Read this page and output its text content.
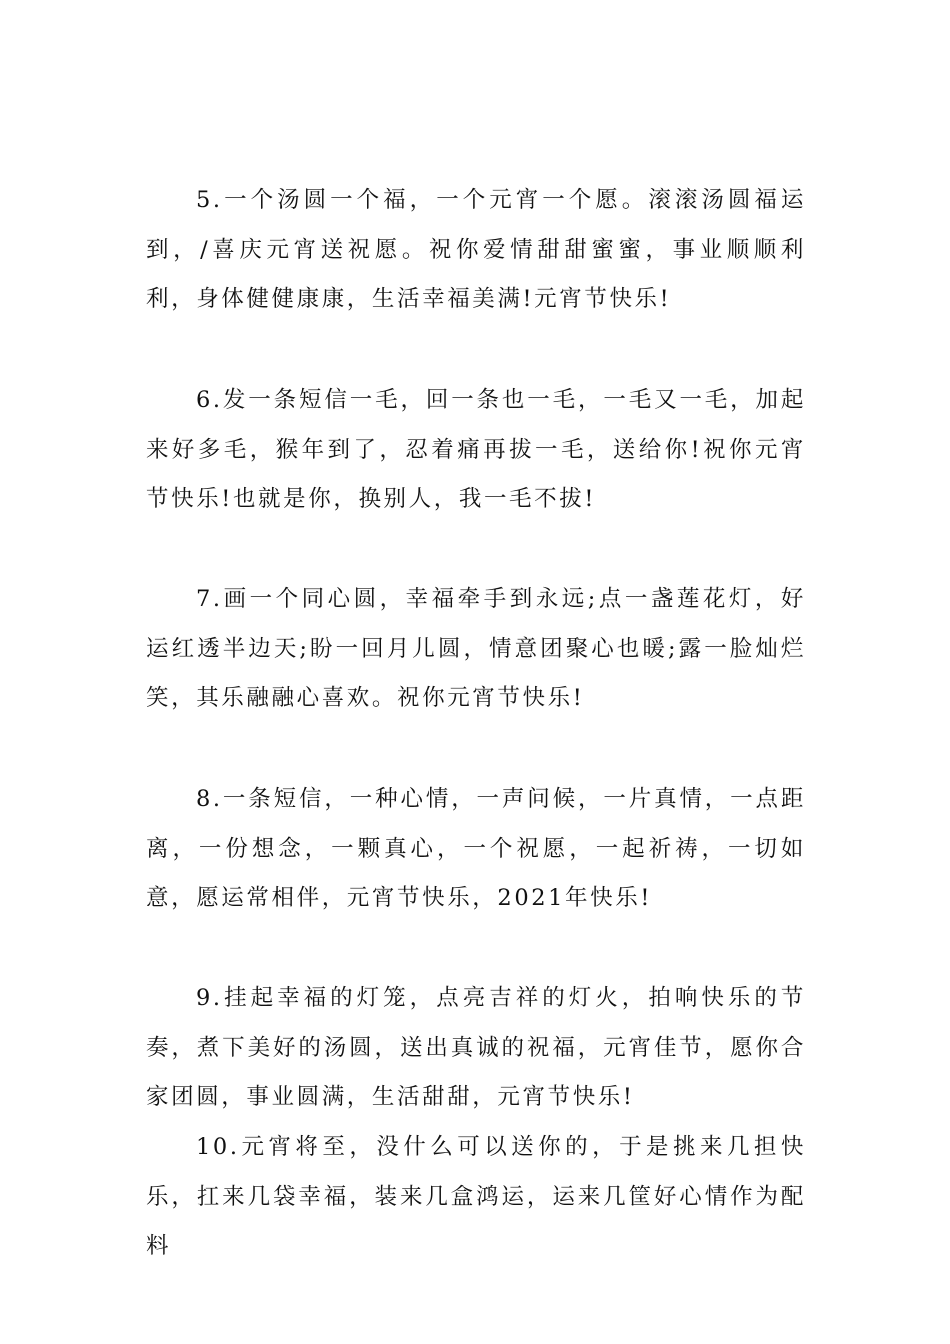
5.一个汤圆一个福，一个元宵一个愿。滚滚汤圆福运到，/喜庆元宵送祝愿。祝你爱情甜甜蜜蜜，事业顺顺利利，身体健健康康，生活幸福美满!元宵节快乐!

6.发一条短信一毛，回一条也一毛，一毛又一毛，加起来好多毛，猴年到了，忍着痛再拔一毛，送给你!祝你元宵节快乐!也就是你，换别人，我一毛不拔!

7.画一个同心圆，幸福牵手到永远;点一盏莲花灯，好运红透半边天;盼一回月儿圆，情意团聚心也暖;露一脸灿烂笑，其乐融融心喜欢。祝你元宵节快乐!

8.一条短信，一种心情，一声问候，一片真情，一点距离，一份想念，一颗真心，一个祝愿，一起祈祷，一切如意，愿运常相伴，元宵节快乐，2021年快乐!

9.挂起幸福的灯笼，点亮吉祥的灯火，拍响快乐的节奏，煮下美好的汤圆，送出真诚的祝福，元宵佳节，愿你合家团圆，事业圆满，生活甜甜，元宵节快乐!

10.元宵将至，没什么可以送你的，于是挑来几担快乐，扛来几袋幸福，装来几盒鸿运，运来几筐好心情作为配料
